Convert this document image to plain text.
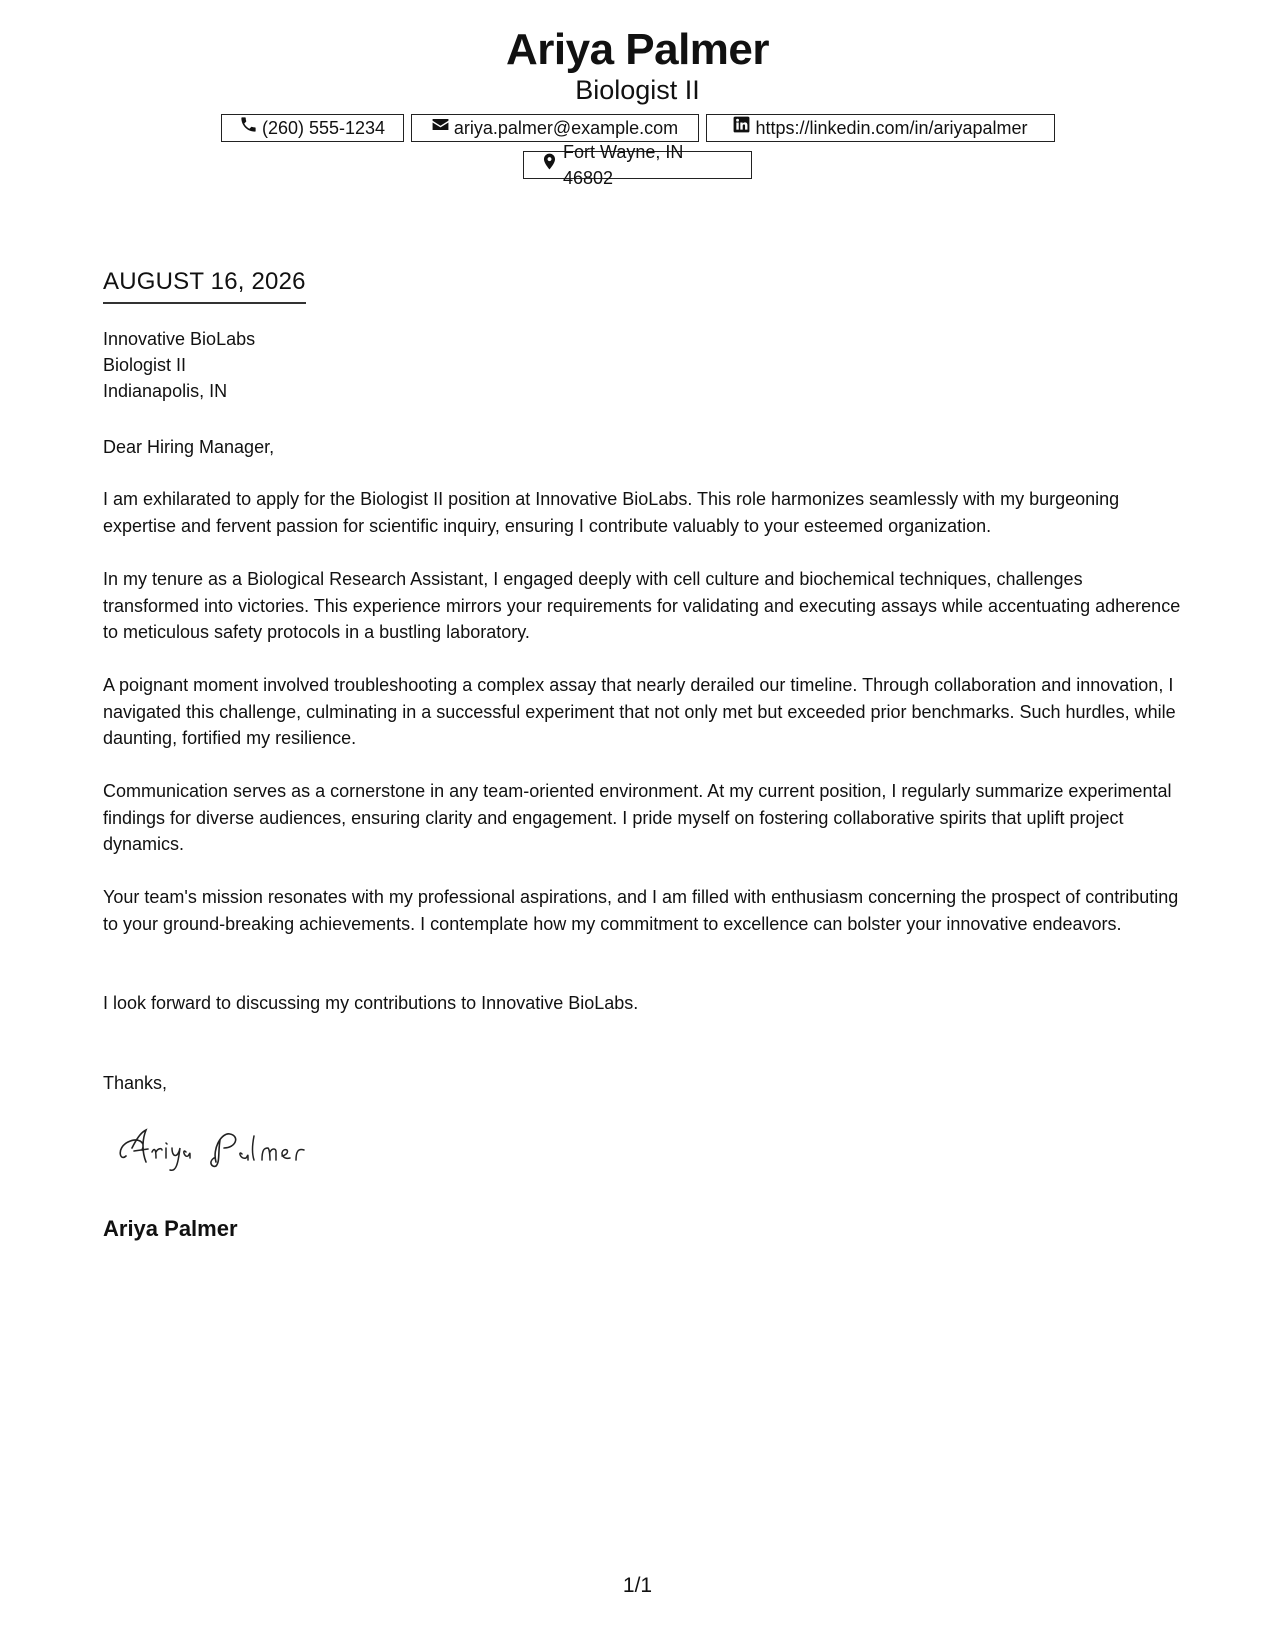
Ariya Palmer
Biologist II
(260) 555-1234	ariya.palmer@example.com	https://linkedin.com/in/ariyapalmer
Fort Wayne, IN 46802
AUGUST 16, 2026
Innovative BioLabs
Biologist II
Indianapolis, IN
Dear Hiring Manager,
I am exhilarated to apply for the Biologist II position at Innovative BioLabs. This role harmonizes seamlessly with my burgeoning expertise and fervent passion for scientific inquiry, ensuring I contribute valuably to your esteemed organization.
In my tenure as a Biological Research Assistant, I engaged deeply with cell culture and biochemical techniques, challenges transformed into victories. This experience mirrors your requirements for validating and executing assays while accentuating adherence to meticulous safety protocols in a bustling laboratory.
A poignant moment involved troubleshooting a complex assay that nearly derailed our timeline. Through collaboration and innovation, I navigated this challenge, culminating in a successful experiment that not only met but exceeded prior benchmarks. Such hurdles, while daunting, fortified my resilience.
Communication serves as a cornerstone in any team-oriented environment. At my current position, I regularly summarize experimental findings for diverse audiences, ensuring clarity and engagement. I pride myself on fostering collaborative spirits that uplift project dynamics.
Your team's mission resonates with my professional aspirations, and I am filled with enthusiasm concerning the prospect of contributing to your ground-breaking achievements. I contemplate how my commitment to excellence can bolster your innovative endeavors.
I look forward to discussing my contributions to Innovative BioLabs.
Thanks,
Ariya Palmer
1/1
